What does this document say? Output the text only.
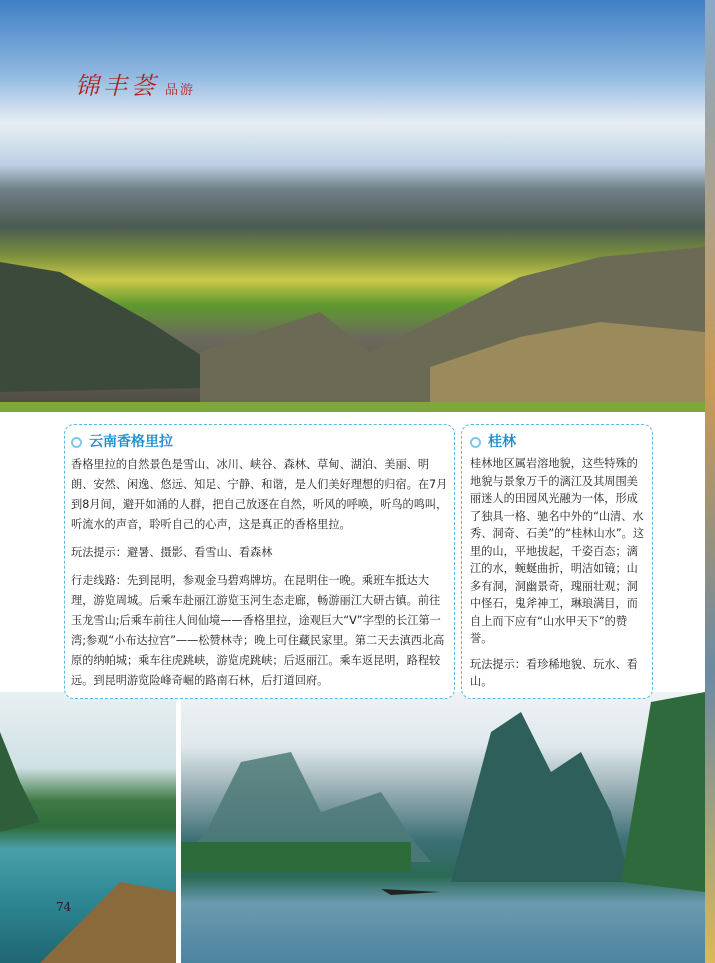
锦丰荟 品游
云南香格里拉

香格里拉的自然景色是雪山、冰川、峡谷、森林、草甸、湖泊、美丽、明朗、安然、闲逸、悠远、知足、宁静、和谐，是人们美好理想的归宿。在7月到8月间，避开如涌的人群，把自己放逐在自然，听风的呼唤，听鸟的鸣叫，听流水的声音，聆听自己的心声，这是真正的香格里拉。

玩法提示：避暑、摄影、看雪山、看森林

行走线路：先到昆明，参观金马碧鸡牌坊。在昆明住一晚。乘班车抵达大理，游览周城。后乘车赴丽江游览玉河生态走廊，畅游丽江大研古镇。前往玉龙雪山;后乘车前往人间仙境——香格里拉，途观巨大“V”字型的长江第一湾;参观“小布达拉宫”——松赞林寺；晚上可住藏民家里。第二天去滇西北高原的纳帕城；乘车往虎跳峡，游览虎跳峡；后返丽江。乘车返昆明，路程较远。到昆明游览险峰奇崛的路南石林，后打道回府。

桂林

桂林地区属岩溶地貌，这些特殊的地貌与景象万千的漓江及其周围美丽迷人的田园风光融为一体，形成了独具一格、驰名中外的“山清、水秀、洞奇、石美”的“桂林山水”。这里的山，平地拔起，千姿百态；漓江的水，蜿蜒曲折，明洁如镜；山多有洞，洞幽景奇，瑰丽壮观；洞中怪石，鬼斧神工，琳琅满目，而自上而下应有“山水甲天下”的赞誉。

玩法提示：看珍稀地貌、玩水、看山。

74
